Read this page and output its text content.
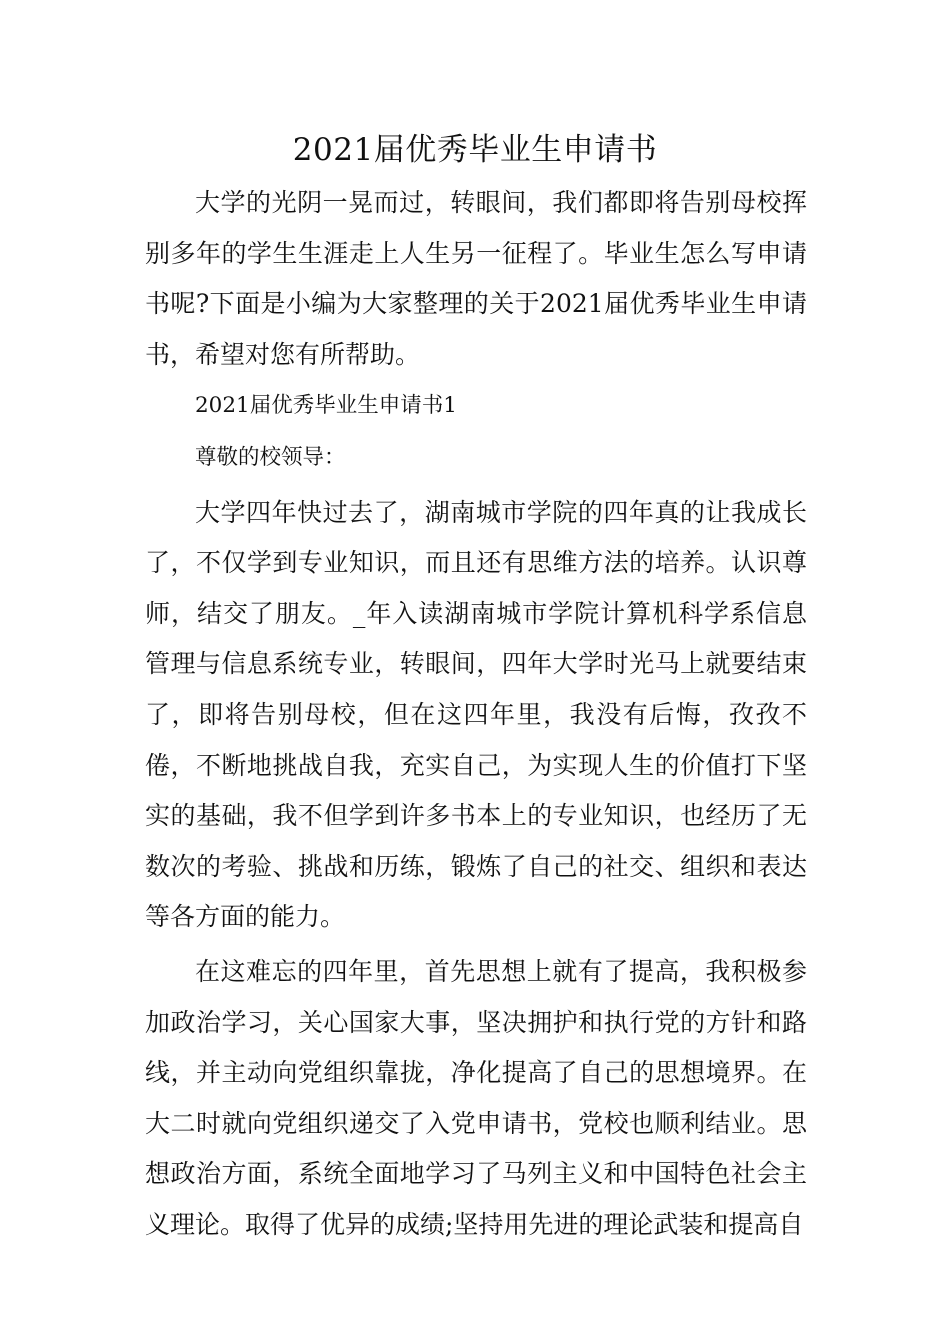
2021届优秀毕业生申请书

大学的光阴一晃而过，转眼间，我们都即将告别母校挥别多年的学生生涯走上人生另一征程了。毕业生怎么写申请书呢?下面是小编为大家整理的关于2021届优秀毕业生申请书，希望对您有所帮助。

2021届优秀毕业生申请书1

尊敬的校领导：

大学四年快过去了，湖南城市学院的四年真的让我成长了，不仅学到专业知识，而且还有思维方法的培养。认识尊师，结交了朋友。_年入读湖南城市学院计算机科学系信息管理与信息系统专业，转眼间，四年大学时光马上就要结束了，即将告别母校，但在这四年里，我没有后悔，孜孜不倦，不断地挑战自我，充实自己，为实现人生的价值打下坚实的基础，我不但学到许多书本上的专业知识，也经历了无数次的考验、挑战和历练，锻炼了自己的社交、组织和表达等各方面的能力。

在这难忘的四年里，首先思想上就有了提高，我积极参加政治学习，关心国家大事，坚决拥护和执行党的方针和路线，并主动向党组织靠拢，净化提高了自己的思想境界。在大二时就向党组织递交了入党申请书，党校也顺利结业。思想政治方面，系统全面地学习了马列主义和中国特色社会主义理论。取得了优异的成绩;坚持用先进的理论武装和提高自
